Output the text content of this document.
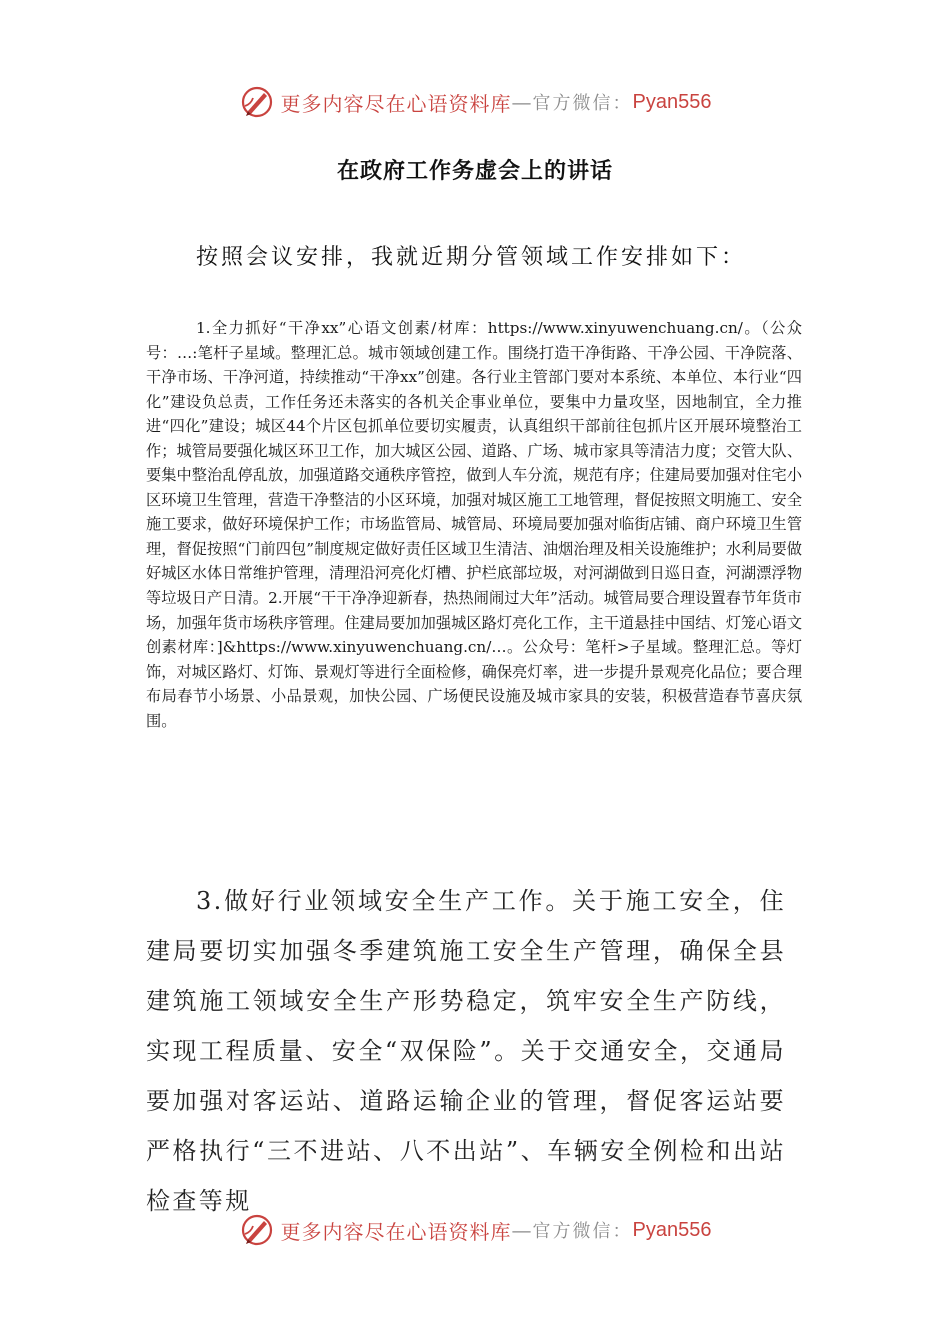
更多内容尽在心语资料库 — 官方微信： Pyan556
在政府工作务虚会上的讲话
按照会议安排，我就近期分管领域工作安排如下：
1.全力抓好“干净xx”心语文创素/材库：https://www.xinyuwenchuang.cn/。（公众号：…:笔杆子星域。整理汇总。城市领域创建工作。围绕打造干净街路、干净公园、干净院落、干净市场、干净河道，持续推动“干净xx”创建。各行业主管部门要对本系统、本单位、本行业“四化”建设负总责，工作任务还未落实的各机关企事业单位，要集中力量攻坚，因地制宜，全力推进“四化”建设；城区44个片区包抓单位要切实履责，认真组织干部前往包抓片区开展环境整治工作；城管局要强化城区环卫工作，加大城区公园、道路、广场、城市家具等清洁力度；交管大队、要集中整治乱停乱放，加强道路交通秩序管控，做到人车分流，规范有序；住建局要加强对住宅小区环境卫生管理，营造干净整洁的小区环境，加强对城区施工工地管理，督促按照文明施工、安全施工要求，做好环境保护工作；市场监管局、城管局、环境局要加强对临街店铺、商户环境卫生管理，督促按照“门前四包”制度规定做好责任区域卫生清洁、油烟治理及相关设施维护；水利局要做好城区水体日常维护管理，清理沿河亮化灯槽、护栏底部垃圾，对河湖做到日巡日查，河湖漂浮物等垃圾日产日清。2.开展“干干净净迎新春，热热闹闹过大年”活动。城管局要合理设置春节年货市场，加强年货市场秩序管理。住建局要加加强城区路灯亮化工作，主干道悬挂中国结、灯笼心语文创素材库：]&https://www.xinyuwenchuang.cn/…。公众号：笔杆>子星域。整理汇总。等灯饰，对城区路灯、灯饰、景观灯等进行全面检修，确保亮灯率，进一步提升景观亮化品位；要合理布局春节小场景、小品景观，加快公园、广场便民设施及城市家具的安装，积极营造春节喜庆氛围。
3.做好行业领域安全生产工作。关于施工安全，住建局要切实加强冬季建筑施工安全生产管理，确保全县建筑施工领域安全生产形势稳定，筑牢安全生产防线，实现工程质量、安全“双保险”。关于交通安全，交通局要加强对客运站、道路运输企业的管理，督促客运站要严格执行“三不进站、八不出站”、车辆安全例检和出站检查等规
更多内容尽在心语资料库 — 官方微信： Pyan556
